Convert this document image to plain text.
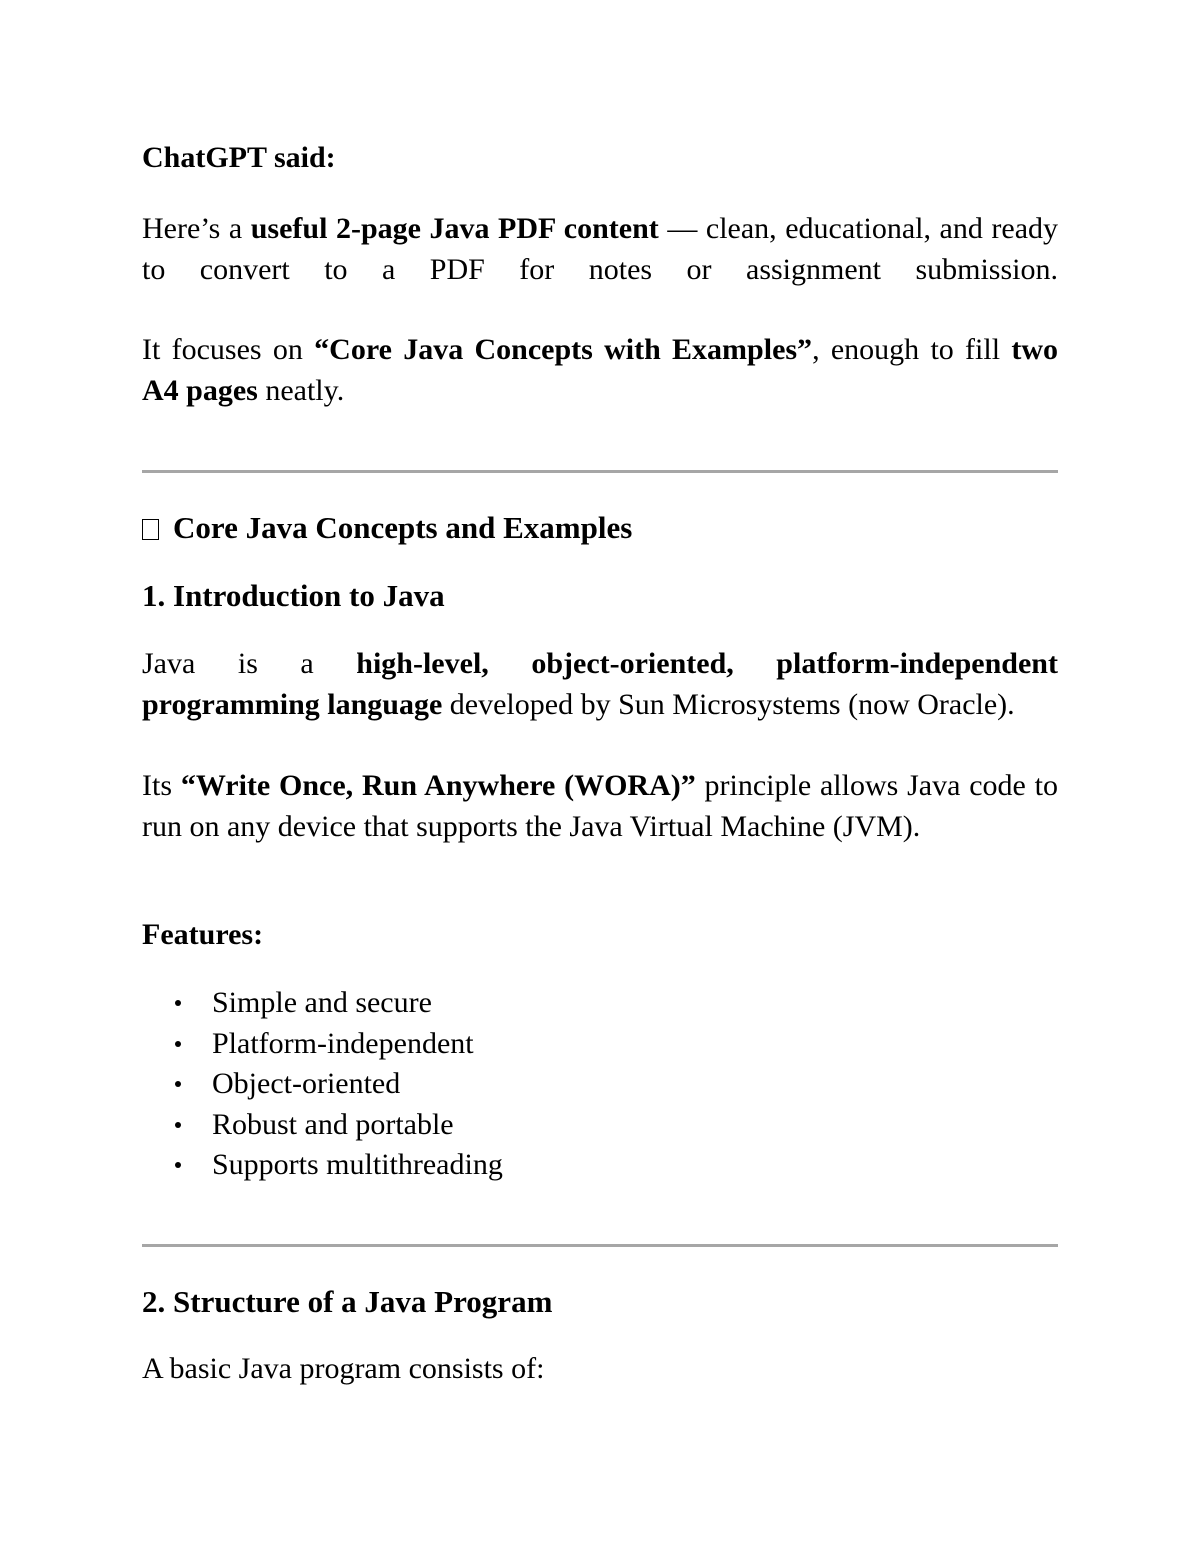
ChatGPT said:
Here’s a useful 2-page Java PDF content — clean, educational, and ready to convert to a PDF for notes or assignment submission.
It focuses on “Core Java Concepts with Examples”, enough to fill two A4 pages neatly.
Core Java Concepts and Examples
1. Introduction to Java
Java is a high-level, object-oriented, platform-independent programming language developed by Sun Microsystems (now Oracle).
Its “Write Once, Run Anywhere (WORA)” principle allows Java code to run on any device that supports the Java Virtual Machine (JVM).
Features:
Simple and secure
Platform-independent
Object-oriented
Robust and portable
Supports multithreading
2. Structure of a Java Program
A basic Java program consists of:
